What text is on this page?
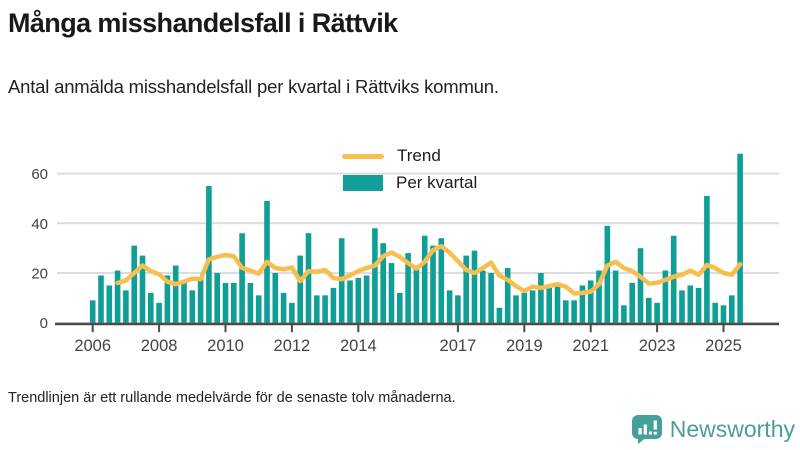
Många misshandelsfall i Rättvik
Antal anmälda misshandelsfall per kvartal i Rättviks kommun.
0
20
40
60
2006 2008 2010 2012 2014	2017 2019 2021 2023 2025
Trend
Per kvartal
Trendlinjen är ett rullande medelvärde för de senaste tolv månaderna.
Newsworthy
